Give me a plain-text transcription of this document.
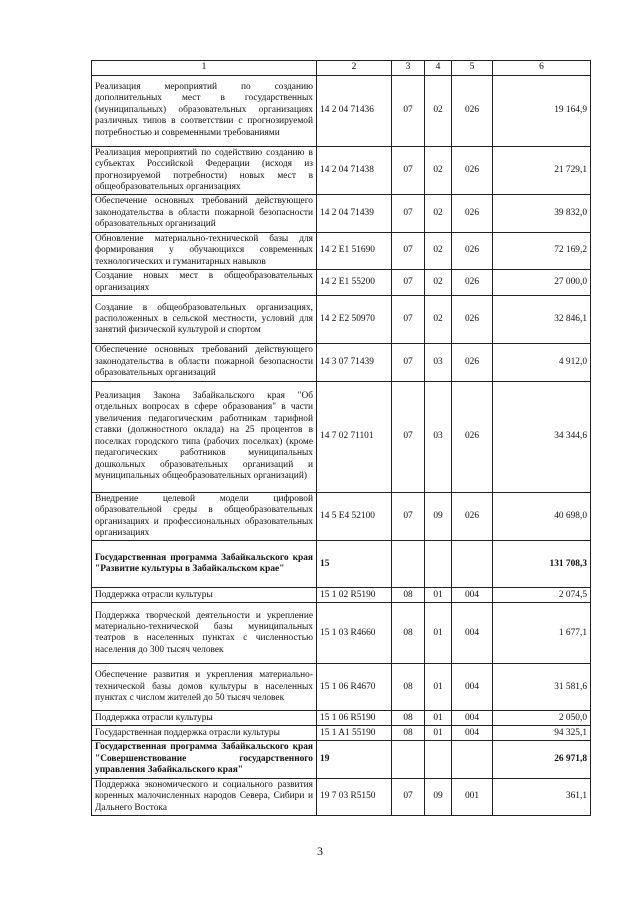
1	2	3	4	5	6
Реализация мероприятий по созданию дополнительных мест в государственных (муниципальных) образовательных организациях различных типов в соответствии с прогнозируемой потребностью и современными требованиями	14 2 04 71436	07	02	026	19 164,9
Реализация мероприятий по содействию созданию в субъектах Российской Федерации (исходя из прогнозируемой потребности) новых мест в общеобразовательных организациях	14 2 04 71438	07	02	026	21 729,1
Обеспечение основных требований действующего законодательства в области пожарной безопасности образовательных организаций	14 2 04 71439	07	02	026	39 832,0
Обновление материально-технической базы для формирования у обучающихся современных технологических и гуманитарных навыков	14 2 E1 51690	07	02	026	72 169,2
Создание новых мест в общеобразовательных организациях	14 2 E1 55200	07	02	026	27 000,0
Создание в общеобразовательных организациях, расположенных в сельской местности, условий для занятий физической культурой и спортом	14 2 E2 50970	07	02	026	32 846,1
Обеспечение основных требований действующего законодательства в области пожарной безопасности образовательных организаций	14 3 07 71439	07	03	026	4 912,0
Реализация Закона Забайкальского края "Об отдельных вопросах в сфере образования" в части увеличения педагогическим работникам тарифной ставки (должностного оклада) на 25 процентов в поселках городского типа (рабочих поселках) (кроме педагогических работников муниципальных дошкольных образовательных организаций и муниципальных общеобразовательных организаций)	14 7 02 71101	07	03	026	34 344,6
Внедрение целевой модели цифровой образовательной среды в общеобразовательных организациях и профессиональных образовательных организациях	14 5 E4 52100	07	09	026	40 698,0
Государственная программа Забайкальского края "Развитие культуры в Забайкальском крае"	15				131 708,3
Поддержка отрасли культуры	15 1 02 R5190	08	01	004	2 074,5
Поддержка творческой деятельности и укрепление материально-технической базы муниципальных театров в населенных пунктах с численностью населения до 300 тысяч человек	15 1 03 R4660	08	01	004	1 677,1
Обеспечение развития и укрепления материально-технической базы домов культуры в населенных пунктах с числом жителей до 50 тысяч человек	15 1 06 R4670	08	01	004	31 581,6
Поддержка отрасли культуры	15 1 06 R5190	08	01	004	2 050,0
Государственная поддержка отрасли культуры	15 1 A1 55190	08	01	004	94 325,1
Государственная программа Забайкальского края "Совершенствование государственного управления Забайкальского края"	19				26 971,8
Поддержка экономического и социального развития коренных малочисленных народов Севера, Сибири и Дальнего Востока	19 7 03 R5150	07	09	001	361,1
3
